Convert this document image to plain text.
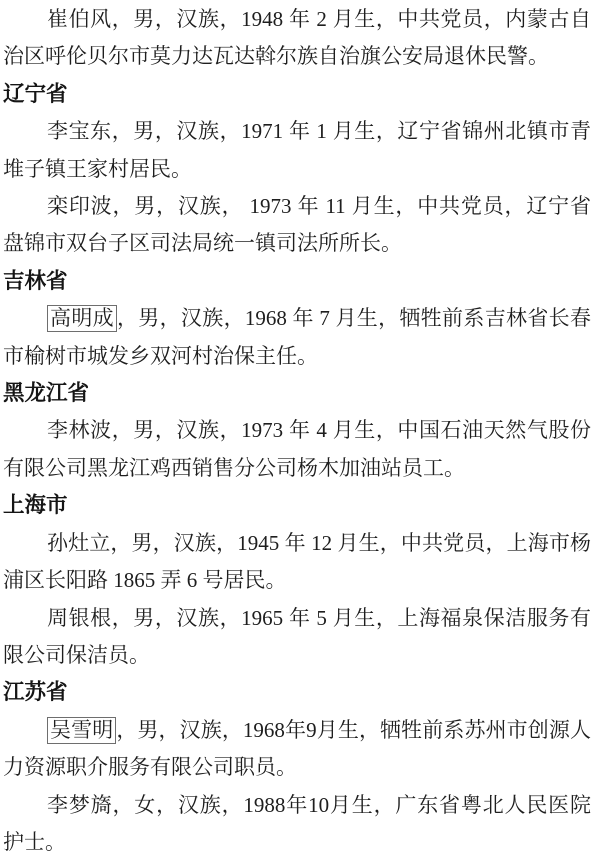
崔伯风，男，汉族，1948 年 2 月生，中共党员，内蒙古自治区呼伦贝尔市莫力达瓦达斡尔族自治旗公安局退休民警。

辽宁省

李宝东，男，汉族，1971 年 1 月生，辽宁省锦州北镇市青堆子镇王家村居民。

栾印波，男，汉族， 1973 年 11 月生，中共党员，辽宁省盘锦市双台子区司法局统一镇司法所所长。

吉林省

高明成 ，男，汉族，1968 年 7 月生，牺牲前系吉林省长春市榆树市城发乡双河村治保主任。

黑龙江省

李林波，男，汉族，1973 年 4 月生，中国石油天然气股份有限公司黑龙江鸡西销售分公司杨木加油站员工。

上海市

孙灶立，男，汉族，1945 年 12 月生，中共党员，上海市杨浦区长阳路 1865 弄 6 号居民。

周银根，男，汉族，1965 年 5 月生，上海福泉保洁服务有限公司保洁员。

江苏省

吴雪明 ，男，汉族，1968年9月生，牺牲前系苏州市创源人力资源职介服务有限公司职员。

李梦旖，女，汉族，1988年10月生，广东省粤北人民医院护士。
